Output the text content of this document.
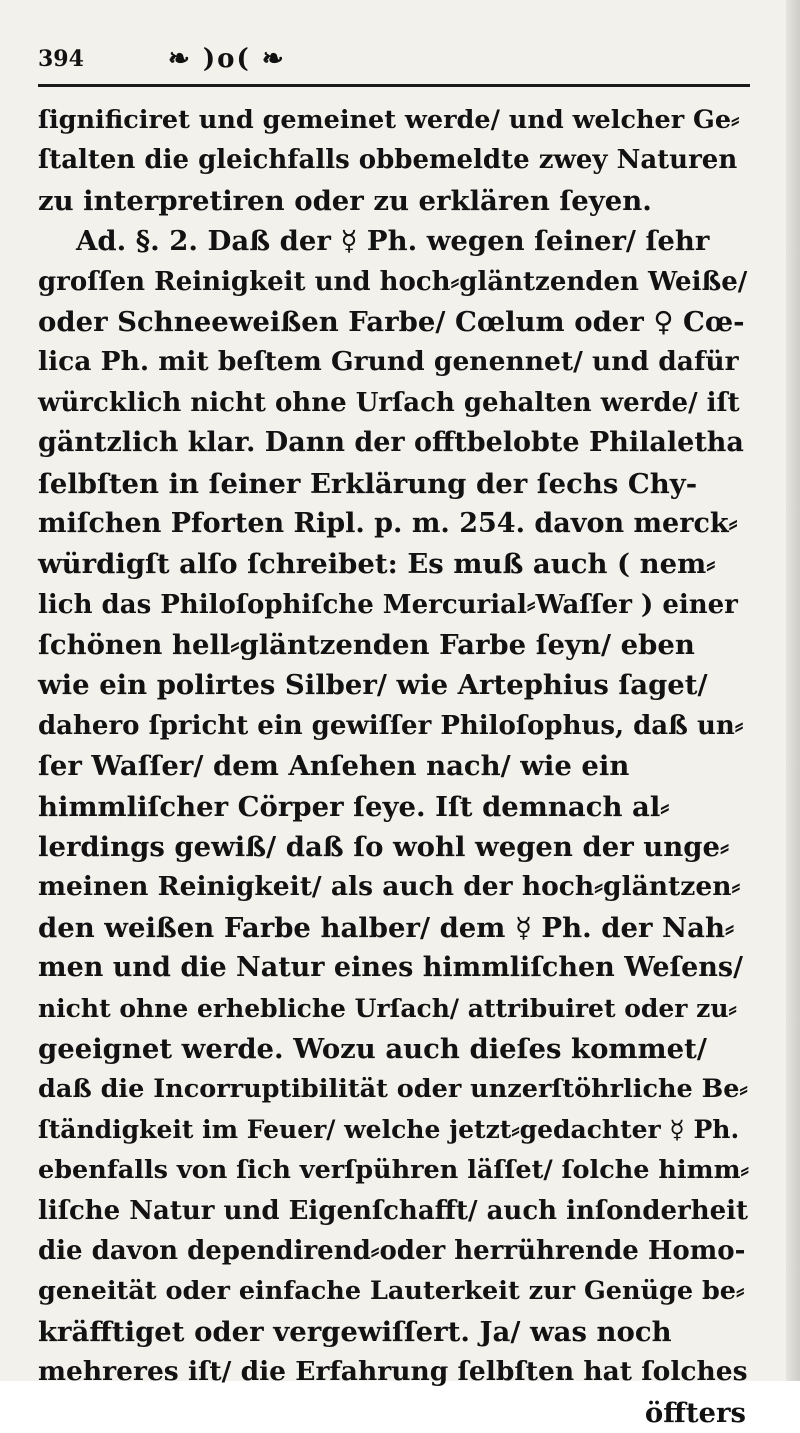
394	❧ )o( ❧
ſignificiret und gemeinet werde/ und welcher Ge⸗
ſtalten die gleichfalls obbemeldte zwey Naturen
zu interpretiren oder zu erklären ſeyen.
Ad. §. 2. Daß der ☿ Ph. wegen ſeiner/ ſehr
groſſen Reinigkeit und hoch⸗gläntzenden Weiße/
oder Schneeweißen Farbe/ Cœlum oder ♀ Cœ-
lica Ph. mit beſtem Grund genennet/ und dafür
würcklich nicht ohne Urſach gehalten werde/ iſt
gäntzlich klar. Dann der offtbelobte Philaletha
ſelbſten in ſeiner Erklärung der ſechs Chy-
miſchen Pforten Ripl. p. m. 254. davon merck⸗
würdigſt alſo ſchreibet: Es muß auch ( nem⸗
lich das Philoſophiſche Mercurial⸗Waſſer ) einer
ſchönen hell⸗gläntzenden Farbe ſeyn/ eben
wie ein polirtes Silber/ wie Artephius ſaget/
dahero ſpricht ein gewiſſer Philoſophus, daß un⸗
ſer Waſſer/ dem Anſehen nach/ wie ein
himmliſcher Cörper ſeye. Iſt demnach al⸗
lerdings gewiß/ daß ſo wohl wegen der unge⸗
meinen Reinigkeit/ als auch der hoch⸗gläntzen⸗
den weißen Farbe halber/ dem ☿ Ph. der Nah⸗
men und die Natur eines himmliſchen Weſens/
nicht ohne erhebliche Urſach/ attribuiret oder zu⸗
geeignet werde. Wozu auch dieſes kommet/
daß die Incorruptibilität oder unzerſtöhrliche Be⸗
ſtändigkeit im Feuer/ welche jetzt⸗gedachter ☿ Ph.
ebenfalls von ſich verſpühren läſſet/ ſolche himm⸗
liſche Natur und Eigenſchafft/ auch inſonderheit
die davon dependirend⸗oder herrührende Homo-
geneität oder einfache Lauterkeit zur Genüge be⸗
kräfftiget oder vergewiſſert. Ja/ was noch
mehreres iſt/ die Erfahrung ſelbſten hat ſolches
öffters
